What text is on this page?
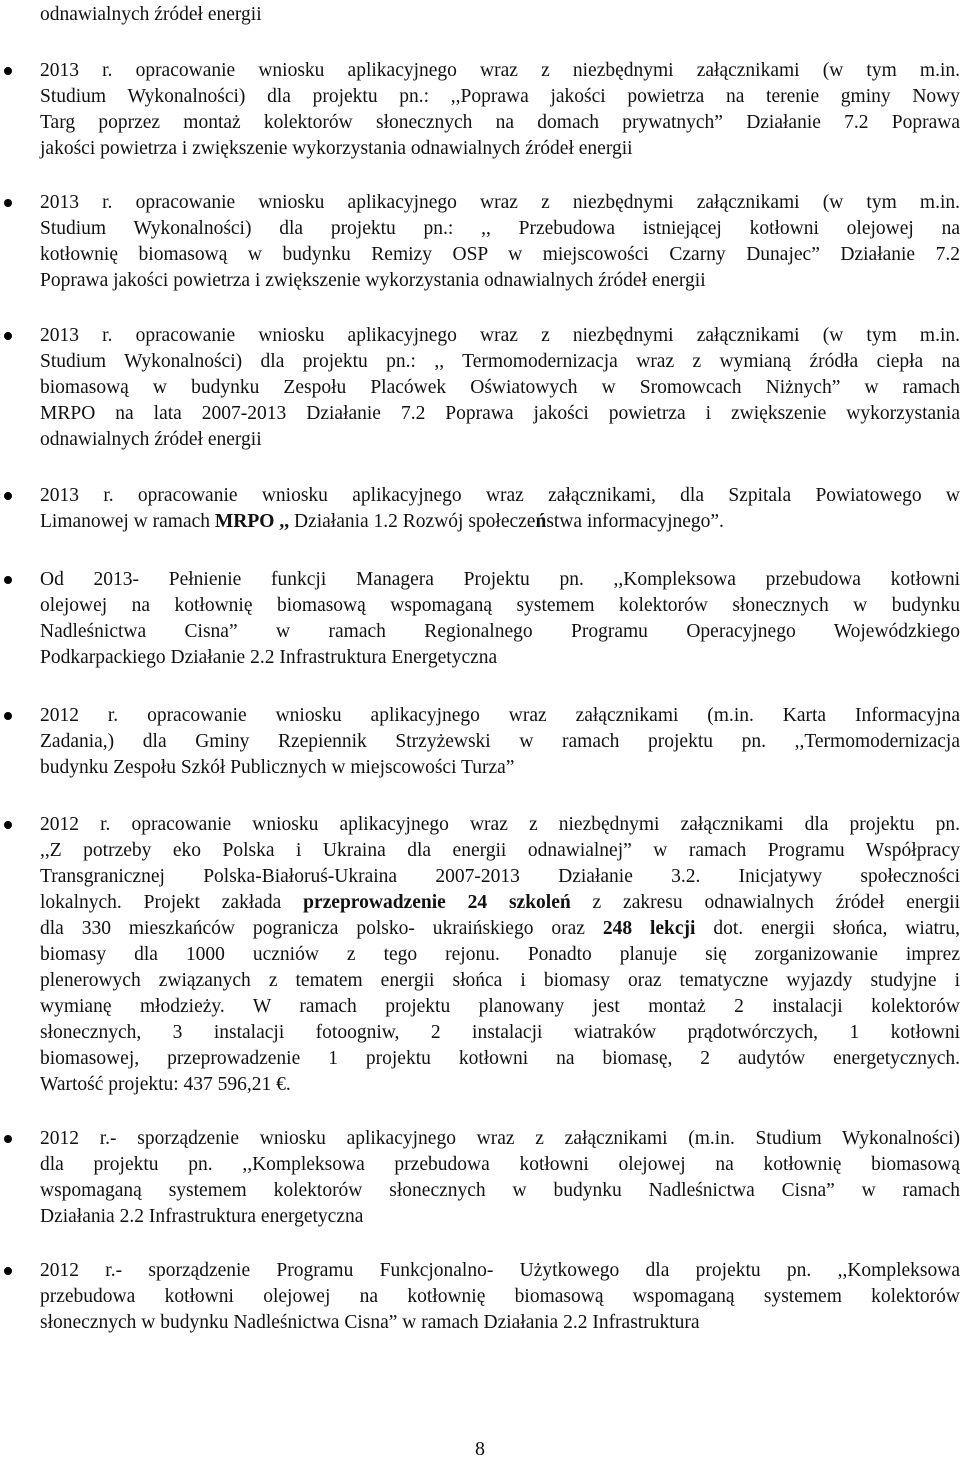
odnawialnych źródeł energii
2013 r. opracowanie wniosku aplikacyjnego wraz z niezbędnymi załącznikami (w tym m.in.
Studium Wykonalności) dla projektu pn.: ,,Poprawa jakości powietrza na terenie gminy Nowy
Targ poprzez montaż kolektorów słonecznych na domach prywatnych” Działanie 7.2 Poprawa
jakości powietrza i zwiększenie wykorzystania odnawialnych źródeł energii
2013 r. opracowanie wniosku aplikacyjnego wraz z niezbędnymi załącznikami (w tym m.in.
Studium Wykonalności) dla projektu pn.: ,, Przebudowa istniejącej kotłowni olejowej na
kotłownię biomasową w budynku Remizy OSP w miejscowości Czarny Dunajec” Działanie 7.2
Poprawa jakości powietrza i zwiększenie wykorzystania odnawialnych źródeł energii
2013 r. opracowanie wniosku aplikacyjnego wraz z niezbędnymi załącznikami (w tym m.in.
Studium Wykonalności) dla projektu pn.: ,, Termomodernizacja wraz z wymianą źródła ciepła na
biomasową w budynku Zespołu Placówek Oświatowych w Sromowcach Niżnych” w ramach
MRPO na lata 2007-2013 Działanie 7.2 Poprawa jakości powietrza i zwiększenie wykorzystania
odnawialnych źródeł energii
2013 r. opracowanie wniosku aplikacyjnego wraz załącznikami, dla Szpitala Powiatowego w
Limanowej w ramach MRPO ,, Działania 1.2 Rozwój społeczeństwa informacyjnego”.
Od 2013- Pełnienie funkcji Managera Projektu pn. ,,Kompleksowa przebudowa kotłowni
olejowej na kotłownię biomasową wspomaganą systemem kolektorów słonecznych w budynku
Nadleśnictwa Cisna” w ramach Regionalnego Programu Operacyjnego Wojewódzkiego
Podkarpackiego Działanie 2.2 Infrastruktura Energetyczna
2012 r. opracowanie wniosku aplikacyjnego wraz załącznikami (m.in. Karta Informacyjna
Zadania,) dla Gminy Rzepiennik Strzyżewski w ramach projektu pn. ,,Termomodernizacja
budynku Zespołu Szkół Publicznych w miejscowości Turza”
2012 r. opracowanie wniosku aplikacyjnego wraz z niezbędnymi załącznikami dla projektu pn.
,,Z potrzeby eko Polska i Ukraina dla energii odnawialnej” w ramach Programu Współpracy
Transgranicznej Polska-Białoruś-Ukraina 2007-2013 Działanie 3.2. Inicjatywy społeczności
lokalnych. Projekt zakłada przeprowadzenie 24 szkoleń z zakresu odnawialnych źródeł energii
dla 330 mieszkańców pogranicza polsko- ukraińskiego oraz 248 lekcji dot. energii słońca, wiatru,
biomasy dla 1000 uczniów z tego rejonu. Ponadto planuje się zorganizowanie imprez
plenerowych związanych z tematem energii słońca i biomasy oraz tematyczne wyjazdy studyjne i
wymianę młodzieży. W ramach projektu planowany jest montaż 2 instalacji kolektorów
słonecznych, 3 instalacji fotoogniw, 2 instalacji wiatraków prądotwórczych, 1 kotłowni
biomasowej, przeprowadzenie 1 projektu kotłowni na biomasę, 2 audytów energetycznych.
Wartość projektu: 437 596,21 €.
2012 r.- sporządzenie wniosku aplikacyjnego wraz z załącznikami (m.in. Studium Wykonalności)
dla projektu pn. ,,Kompleksowa przebudowa kotłowni olejowej na kotłownię biomasową
wspomaganą systemem kolektorów słonecznych w budynku Nadleśnictwa Cisna” w ramach
Działania 2.2 Infrastruktura energetyczna
2012 r.- sporządzenie Programu Funkcjonalno- Użytkowego dla projektu pn. ,,Kompleksowa
przebudowa kotłowni olejowej na kotłownię biomasową wspomaganą systemem kolektorów
słonecznych w budynku Nadleśnictwa Cisna” w ramach Działania 2.2 Infrastruktura
8
